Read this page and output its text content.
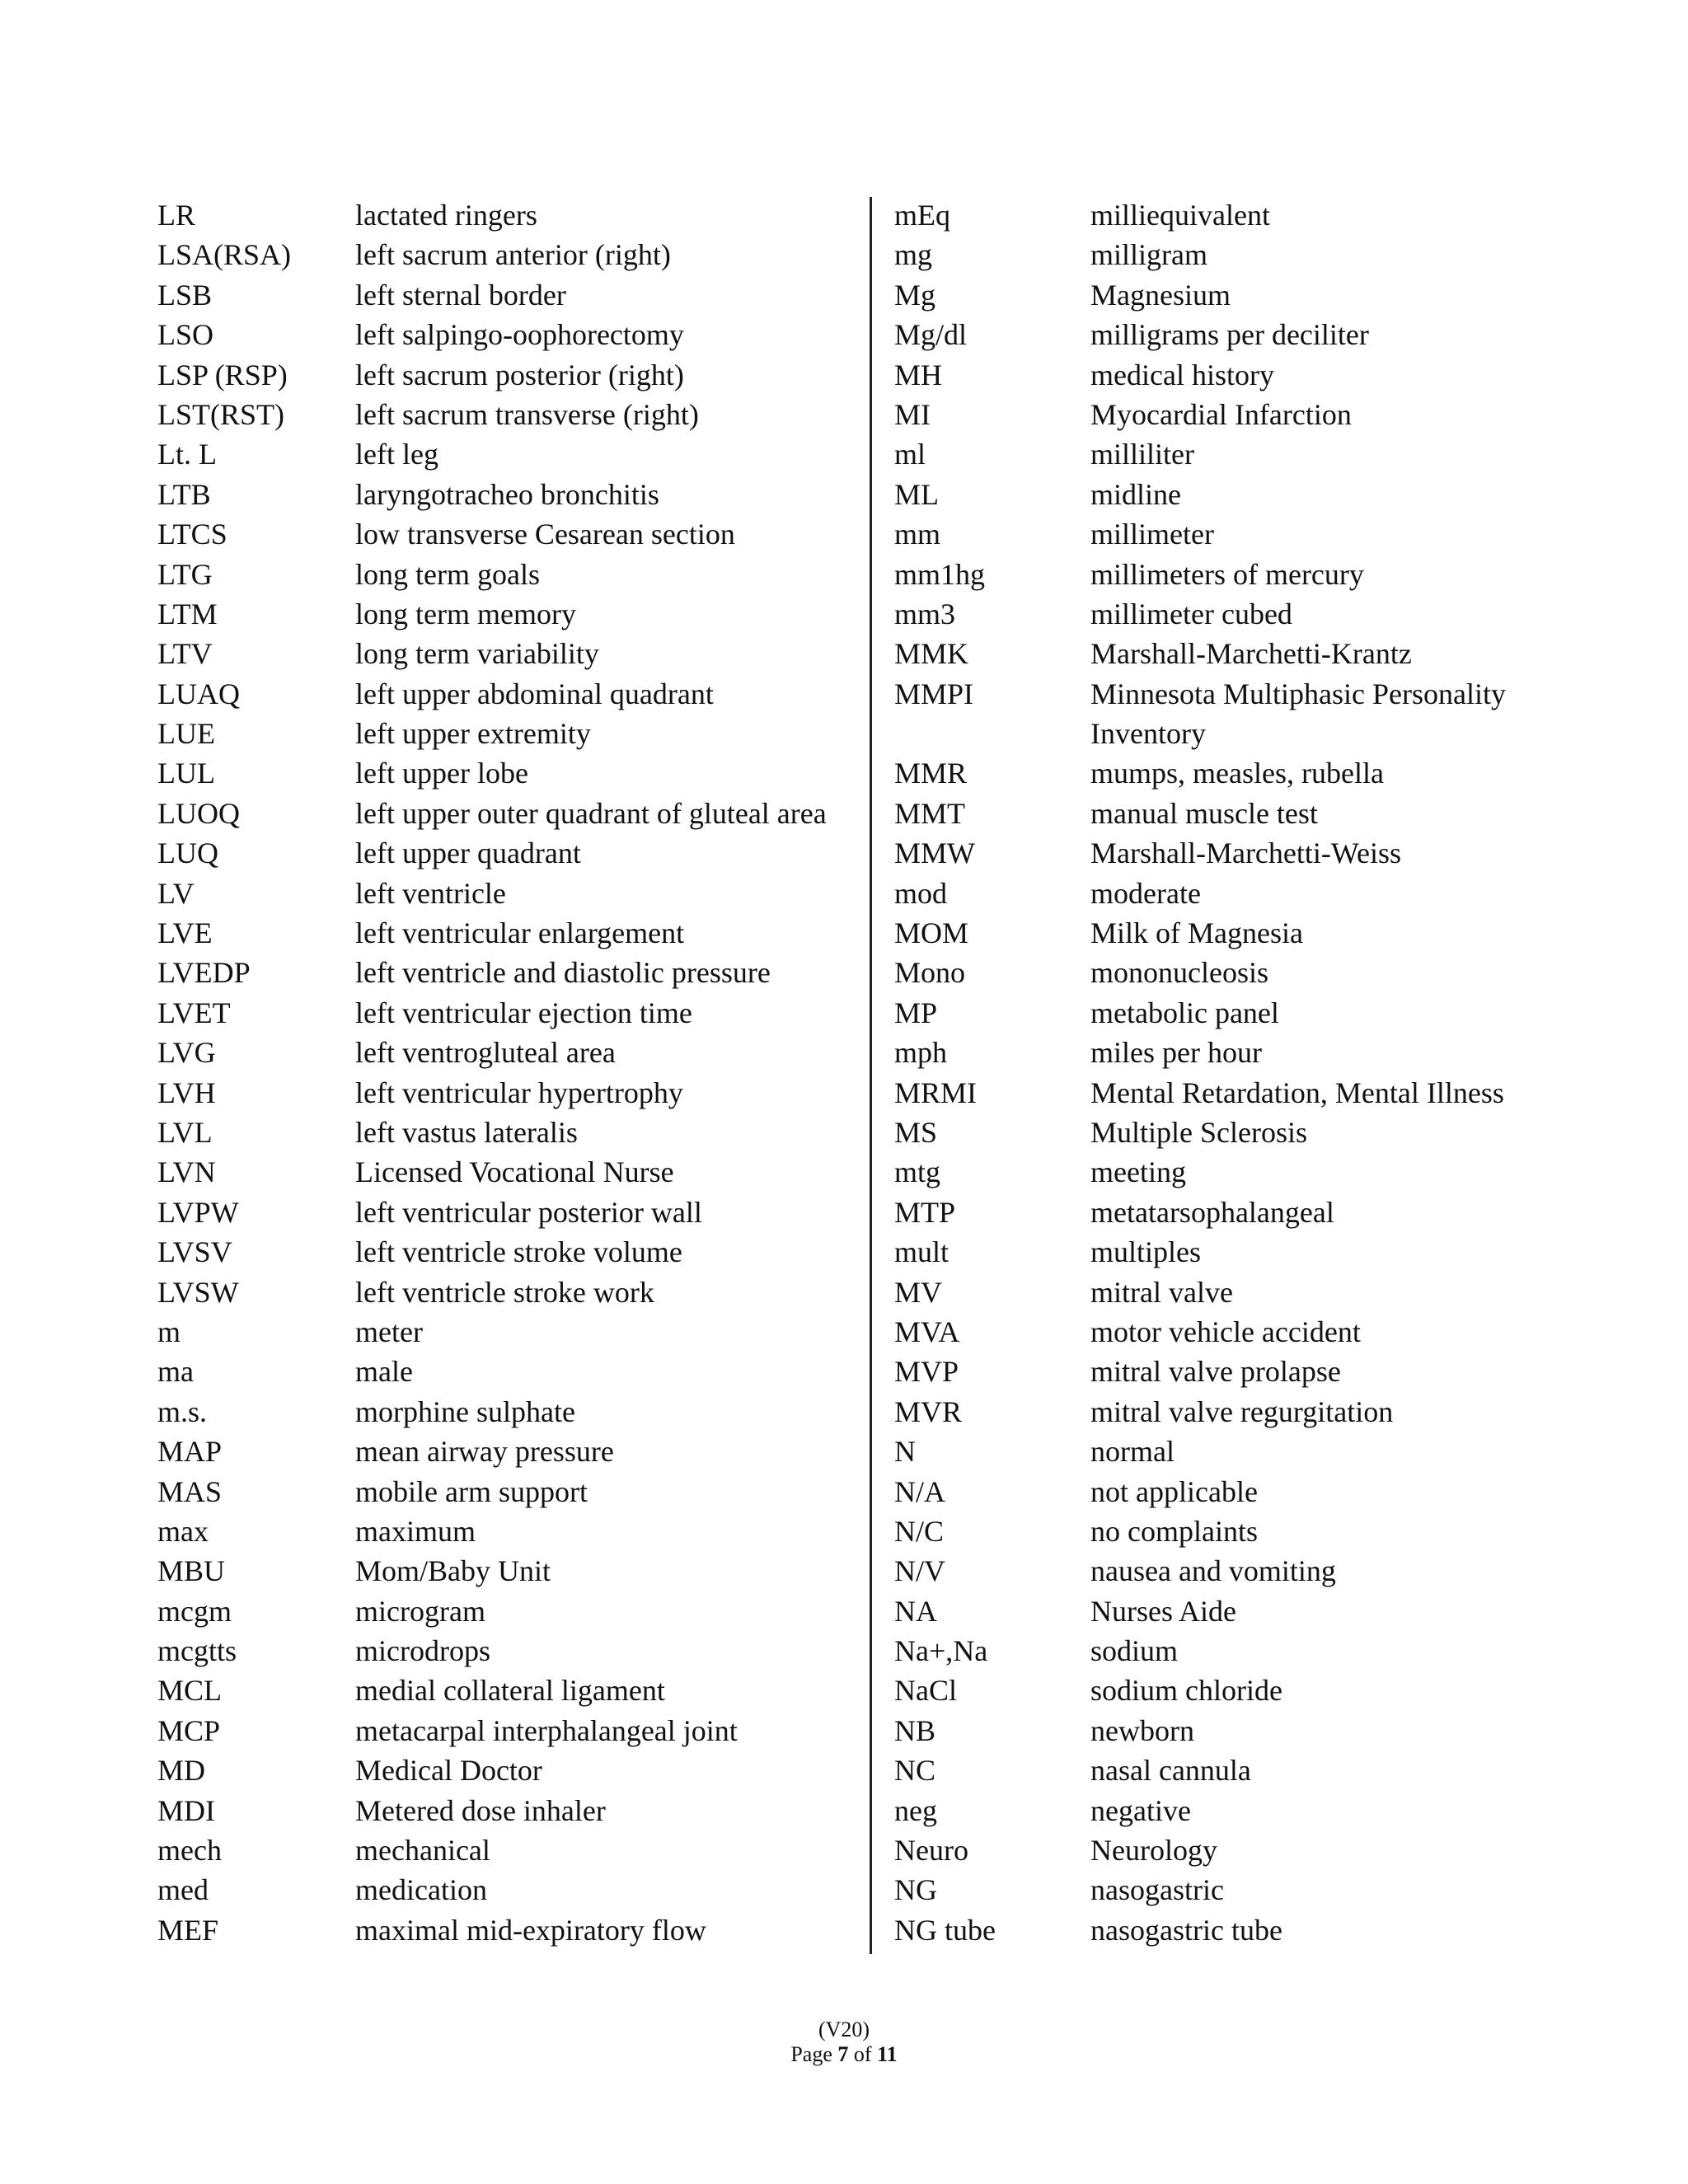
LR	lactated ringers
LSA(RSA) left sacrum anterior (right)
LSB	left sternal border
LSO	left salpingo-oophorectomy
LSP (RSP) left sacrum posterior (right)
LST(RST) left sacrum transverse (right)
Lt. L	left leg
LTB	laryngotracheo bronchitis
LTCS	low transverse Cesarean section
LTG	long term goals
LTM	long term memory
LTV	long term variability
LUAQ	left upper abdominal quadrant
LUE	left upper extremity
LUL	left upper lobe
LUOQ	left upper outer quadrant of gluteal area
LUQ	left upper quadrant
LV	left ventricle
LVE	left ventricular enlargement
LVEDP	left ventricle and diastolic pressure
LVET	left ventricular ejection time
LVG	left ventrogluteal area
LVH	left ventricular hypertrophy
LVL	left vastus lateralis
LVN	Licensed Vocational Nurse
LVPW	left ventricular posterior wall
LVSV	left ventricle stroke volume
LVSW	left ventricle stroke work
m	meter
ma	male
m.s.	morphine sulphate
MAP	mean airway pressure
MAS	mobile arm support
max	maximum
MBU	Mom/Baby Unit
mcgm	microgram
mcgtts	microdrops
MCL	medial collateral ligament
MCP	metacarpal interphalangeal joint
MD	Medical Doctor
MDI	Metered dose inhaler
mech	mechanical
med	medication
MEF	maximal mid-expiratory flow
mEq	milliequivalent
mg	milligram
Mg	Magnesium
Mg/dl	milligrams per deciliter
MH	medical history
MI	Myocardial Infarction
ml	milliliter
ML	midline
mm	millimeter
mm1hg	millimeters of mercury
mm3	millimeter cubed
MMK	Marshall-Marchetti-Krantz
MMPI	Minnesota Multiphasic Personality
Inventory
MMR	mumps, measles, rubella
MMT	manual muscle test
MMW	Marshall-Marchetti-Weiss
mod	moderate
MOM	Milk of Magnesia
Mono	mononucleosis
MP	metabolic panel
mph	miles per hour
MRMI	Mental Retardation, Mental Illness
MS	Multiple Sclerosis
mtg	meeting
MTP	metatarsophalangeal
mult	multiples
MV	mitral valve
MVA	motor vehicle accident
MVP	mitral valve prolapse
MVR	mitral valve regurgitation
N	normal
N/A	not applicable
N/C	no complaints
N/V	nausea and vomiting
NA	Nurses Aide
Na+,Na	sodium
NaCl	sodium chloride
NB	newborn
NC	nasal cannula
neg	negative
Neuro	Neurology
NG	nasogastric
NG tube	nasogastric tube
(V20)
Page 7 of 11
